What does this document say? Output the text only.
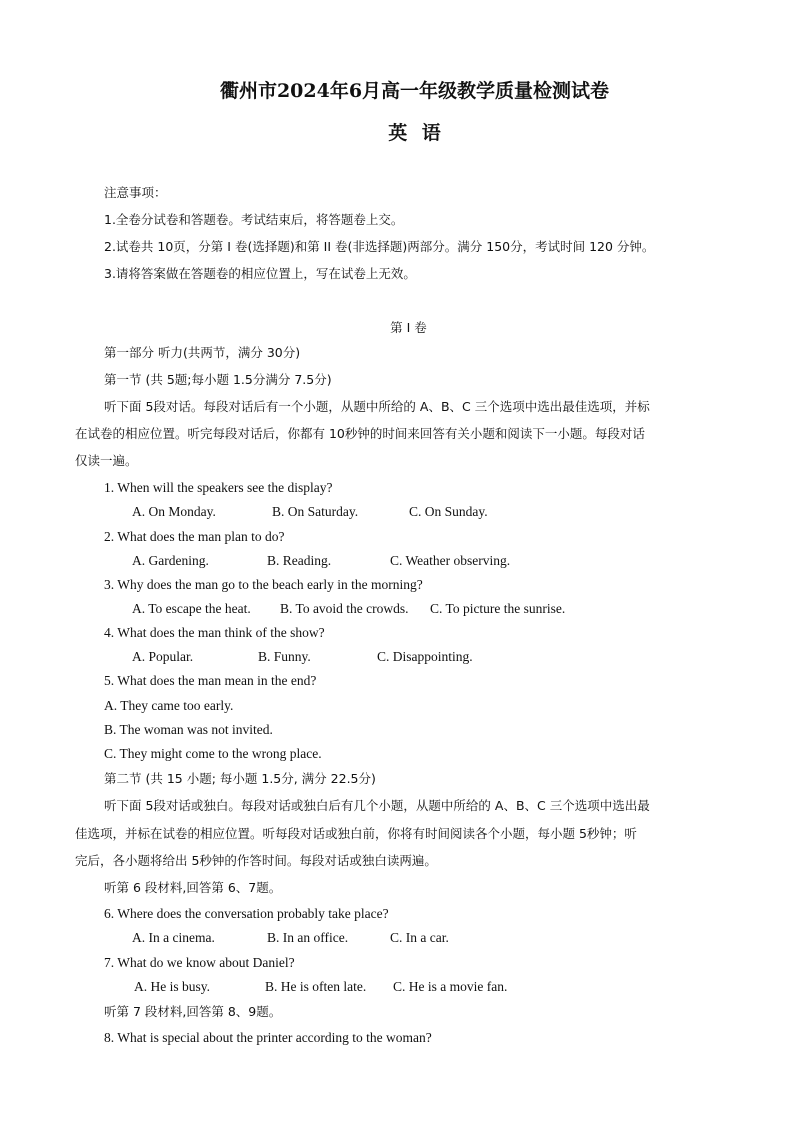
衢州市2024年6月高一年级教学质量检测试卷
英 语
注意事项：
1.全卷分试卷和答题卷。考试结束后，将答题卷上交。
2.试卷共 10页，分第 I 卷(选择题)和第 II 卷(非选择题)两部分。满分 150分，考试时间 120 分钟。
3.请将答案做在答题卷的相应位置上，写在试卷上无效。
第 I 卷
第一部分 听力(共两节，满分 30分)
第一节 (共 5题;每小题 1.5分满分 7.5分)
听下面 5段对话。每段对话后有一个小题，从题中所给的 A、B、C 三个选项中选出最佳选项，并标
在试卷的相应位置。听完每段对话后，你都有 10秒钟的时间来回答有关小题和阅读下一小题。每段对话
仅读一遍。
1. When will the speakers see the display?
A. On Monday.	B. On Saturday.	C. On Sunday.
2. What does the man plan to do?
A. Gardening.	B. Reading.	C. Weather observing.
3. Why does the man go to the beach early in the morning?
A. To escape the heat. B. To avoid the crowds. C. To picture the sunrise.
4. What does the man think of the show?
A. Popular.	B. Funny.	C. Disappointing.
5. What does the man mean in the end?
A. They came too early.
B. The woman was not invited.
C. They might come to the wrong place.
第二节 (共 15 小题; 每小题 1.5分, 满分 22.5分)
听下面 5段对话或独白。每段对话或独白后有几个小题，从题中所给的 A、B、C 三个选项中选出最
佳选项，并标在试卷的相应位置。听每段对话或独白前，你将有时间阅读各个小题，每小题 5秒钟；听
完后，各小题将给出 5秒钟的作答时间。每段对话或独白读两遍。
听第 6 段材料,回答第 6、7题。
6. Where does the conversation probably take place?
A. In a cinema.	B. In an office.	C. In a car.
7. What do we know about Daniel?
A. He is busy.	B. He is often late. C. He is a movie fan.
听第 7 段材料,回答第 8、9题。
8. What is special about the printer according to the woman?
